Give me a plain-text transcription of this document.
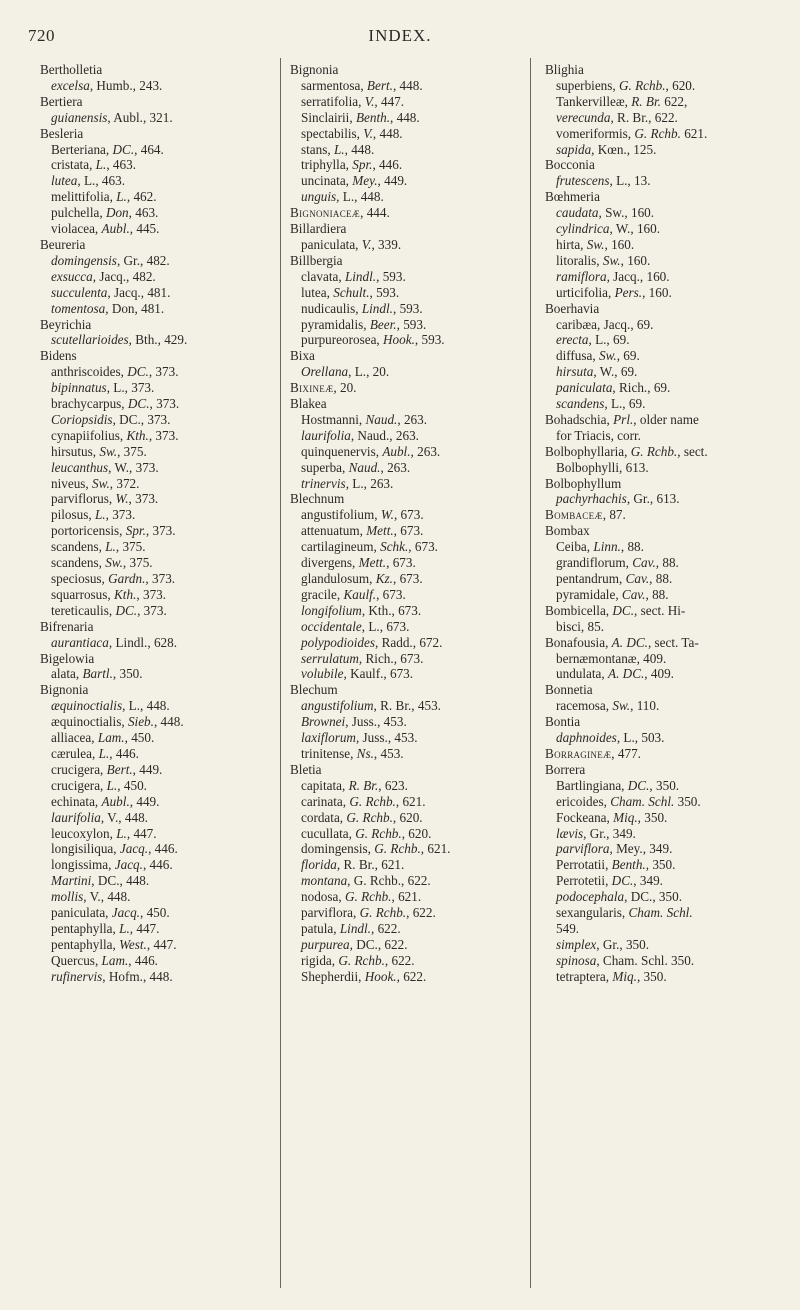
720	INDEX.
Bertholletia
excelsa, Humb., 243.
Bertiera
guianensis, Aubl., 321.
Besleria
Berteriana, DC., 464.
cristata, L., 463.
lutea, L., 463.
melittifolia, L., 462.
pulchella, Don, 463.
violacea, Aubl., 445.
Beureria
domingensis, Gr., 482.
exsucca, Jacq., 482.
succulenta, Jacq., 481.
tomentosa, Don, 481.
Beyrichia
scutellarioides, Bth., 429.
Bidens
anthriscoides, DC., 373.
bipinnatus, L., 373.
brachycarpus, DC., 373.
Coriopsidis, DC., 373.
cynapiifolius, Kth., 373.
hirsutus, Sw., 375.
leucanthus, W., 373.
niveus, Sw., 372.
parviflorus, W., 373.
pilosus, L., 373.
portoricensis, Spr., 373.
scandens, L., 375.
scandens, Sw., 375.
speciosus, Gardn., 373.
squarrosus, Kth., 373.
tereticaulis, DC., 373.
Bifrenaria
aurantiaca, Lindl., 628.
Bigelowia
alata, Bartl., 350.
Bignonia
æquinoctialis, L., 448.
æquinoctialis, Sieb., 448.
alliacea, Lam., 450.
cærulea, L., 446.
crucigera, Bert., 449.
crucigera, L., 450.
echinata, Aubl., 449.
laurifolia, V., 448.
leucoxylon, L., 447.
longisiliqua, Jacq., 446.
longissima, Jacq., 446.
Martini, DC., 448.
mollis, V., 448.
paniculata, Jacq., 450.
pentaphylla, L., 447.
pentaphylla, West., 447.
Quercus, Lam., 446.
rufinervis, Hofm., 448.
Bignonia
sarmentosa, Bert., 448.
serratifolia, V., 447.
Sinclairii, Benth., 448.
spectabilis, V., 448.
stans, L., 448.
triphylla, Spr., 446.
uncinata, Mey., 449.
unguis, L., 448.
Bignoniaceæ, 444.
Billardiera
paniculata, V., 339.
Billbergia
clavata, Lindl., 593.
lutea, Schult., 593.
nudicaulis, Lindl., 593.
pyramidalis, Beer., 593.
purpureorosea, Hook., 593.
Bixa
Orellana, L., 20.
Bixineæ, 20.
Blakea
Hostmanni, Naud., 263.
laurifolia, Naud., 263.
quinquenervis, Aubl., 263.
superba, Naud., 263.
trinervis, L., 263.
Blechnum
angustifolium, W., 673.
attenuatum, Mett., 673.
cartilagineum, Schk., 673.
divergens, Mett., 673.
glandulosum, Kz., 673.
gracile, Kaulf., 673.
longifolium, Kth., 673.
occidentale, L., 673.
polypodioides, Radd., 672.
serrulatum, Rich., 673.
volubile, Kaulf., 673.
Blechum
angustifolium, R. Br., 453.
Brownei, Juss., 453.
laxiflorum, Juss., 453.
trinitense, Ns., 453.
Bletia
capitata, R. Br., 623.
carinata, G. Rchb., 621.
cordata, G. Rchb., 620.
cucullata, G. Rchb., 620.
domingensis, G. Rchb., 621.
florida, R. Br., 621.
montana, G. Rchb., 622.
nodosa, G. Rchb., 621.
parviflora, G. Rchb., 622.
patula, Lindl., 622.
purpurea, DC., 622.
rigida, G. Rchb., 622.
Shepherdii, Hook., 622.
Blighia
superbiens, G. Rchb., 620.
Tankervilleæ, R. Br. 622,
verecunda, R. Br., 622.
vomeriformis, G. Rchb. 621.
sapida, Kœn., 125.
Bocconia
frutescens, L., 13.
Bœhmeria
caudata, Sw., 160.
cylindrica, W., 160.
hirta, Sw., 160.
litoralis, Sw., 160.
ramiflora, Jacq., 160.
urticifolia, Pers., 160.
Boerhavia
caribæa, Jacq., 69.
erecta, L., 69.
diffusa, Sw., 69.
hirsuta, W., 69.
paniculata, Rich., 69.
scandens, L., 69.
Bohadschia, Prl., older name
for Triacis, corr.
Bolbophyllaria, G. Rchb., sect.
Bolbophylli, 613.
Bolbophyllum
pachyrhachis, Gr., 613.
Bombaceæ, 87.
Bombax
Ceiba, Linn., 88.
grandiflorum, Cav., 88.
pentandrum, Cav., 88.
pyramidale, Cav., 88.
Bombicella, DC., sect. Hi-
bisci, 85.
Bonafousia, A. DC., sect. Ta-
bernæmontanæ, 409.
undulata, A. DC., 409.
Bonnetia
racemosa, Sw., 110.
Bontia
daphnoides, L., 503.
Borragineæ, 477.
Borrera
Bartlingiana, DC., 350.
ericoides, Cham. Schl. 350.
Fockeana, Miq., 350.
lævis, Gr., 349.
parviflora, Mey., 349.
Perrotatii, Benth., 350.
Perrotetii, DC., 349.
podocephala, DC., 350.
sexangularis, Cham. Schl.
549.
simplex, Gr., 350.
spinosa, Cham. Schl. 350.
tetraptera, Miq., 350.
